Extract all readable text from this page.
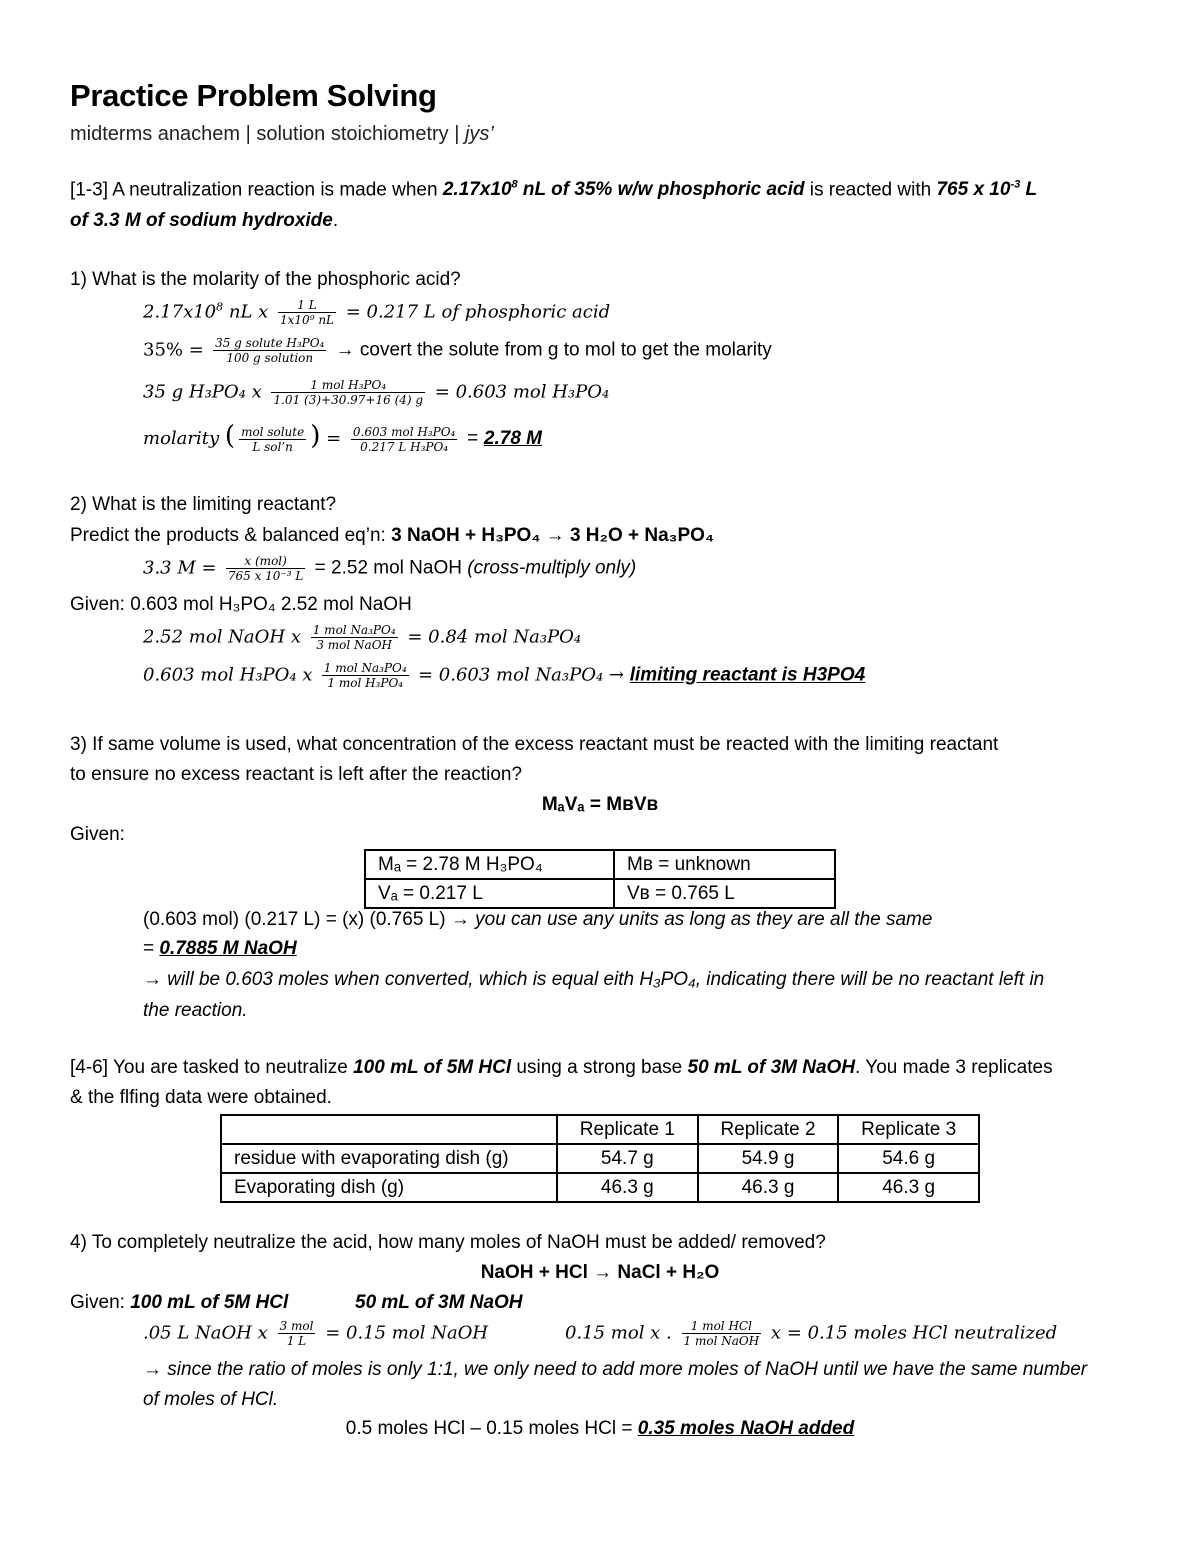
Practice Problem Solving
midterms anachem | solution stoichiometry | jys’
[1-3] A neutralization reaction is made when $2.17x10^8$ nL of 35% w/w phosphoric acid is reacted with 765 x $10^{-3}$ L
of 3.3 M of sodium hydroxide.
1) What is the molarity of the phosphoric acid?
$2.17x10^8$ nL x $\frac{1 L}{\text{1x10⁹ nL}} = 0.217$ L of phosphoric acid
$35\% = \frac{\text{35 g solute H₃PO₄}}{\text{100 g solution}}$ → covert the solute from g to mol to get the molarity
35 g H₃PO₄ x $\frac{\text{1 mol H₃PO₄}}{1.01 (3)+30.97+16 (4) g} = 0.603$ mol H₃PO₄
molarity ( $\frac{\text{mol solute}}{\text{L sol’n}}$ ) = $\frac{\text{0.603 mol H₃PO₄}}{\text{0.217 L H₃PO₄}} = 2.78$ M
2) What is the limiting reactant?
Predict the products & balanced eq’n: 3 NaOH + H₃PO₄ → 3 H₂O + Na₃PO₄
3.3 $M = \frac{\text{x (mol)}}{\text{765 x 10⁻³ L}} = 2.52$ mol NaOH (cross-multiply only)
Given: 0.603 mol H₃PO₄ 2.52 mol NaOH
2.52 mol NaOH x $\frac{\text{1 mol Na₃PO₄}}{\text{3 mol NaOH}} = 0.84$ mol Na₃PO₄
0.603 mol H₃PO₄ x $\frac{\text{1 mol Na₃PO₄}}{\text{1 mol H₃PO₄}} = 0.603$ mol Na₃PO₄ → limiting reactant is H3PO4
3) If same volume is used, what concentration of the excess reactant must be reacted with the limiting reactant
to ensure no excess reactant is left after the reaction?
MₐVₐ = MʙVʙ
Given:
Mₐ = 2.78 M H₃PO₄	Mʙ = unknown
Vₐ = 0.217 L	Vʙ = 0.765 L
(0.603 mol) (0.217 L) = (x) (0.765 L) → you can use any units as long as they are all the same
= 0.7885 M NaOH
→ will be 0.603 moles when converted, which is equal eith H₃PO₄, indicating there will be no reactant left in
the reaction.
[4-6] You are tasked to neutralize 100 mL of 5M HCl using a strong base 50 mL of 3M NaOH. You made 3 replicates
& the flfing data were obtained.
	Replicate 1	Replicate 2	Replicate 3
residue with evaporating dish (g)	54.7 g	54.9 g	54.6 g
Evaporating dish (g)	46.3 g	46.3 g	46.3 g
4) To completely neutralize the acid, how many moles of NaOH must be added/ removed?
NaOH + HCl → NaCl + H₂O
Given: 100 mL of 5M HCl	50 mL of 3M NaOH
.05 L NaOH x $\frac{\text{3 mol}}{1 L} = 0.15$ mol NaOH	0.15 mol x . $\frac{\text{1 mol HCl}}{\text{1 mol NaOH}}$ x = 0.15 moles HCl neutralized
→ since the ratio of moles is only 1:1, we only need to add more moles of NaOH until we have the same number
of moles of HCl.
0.5 moles HCl – 0.15 moles HCl = 0.35 moles NaOH added
